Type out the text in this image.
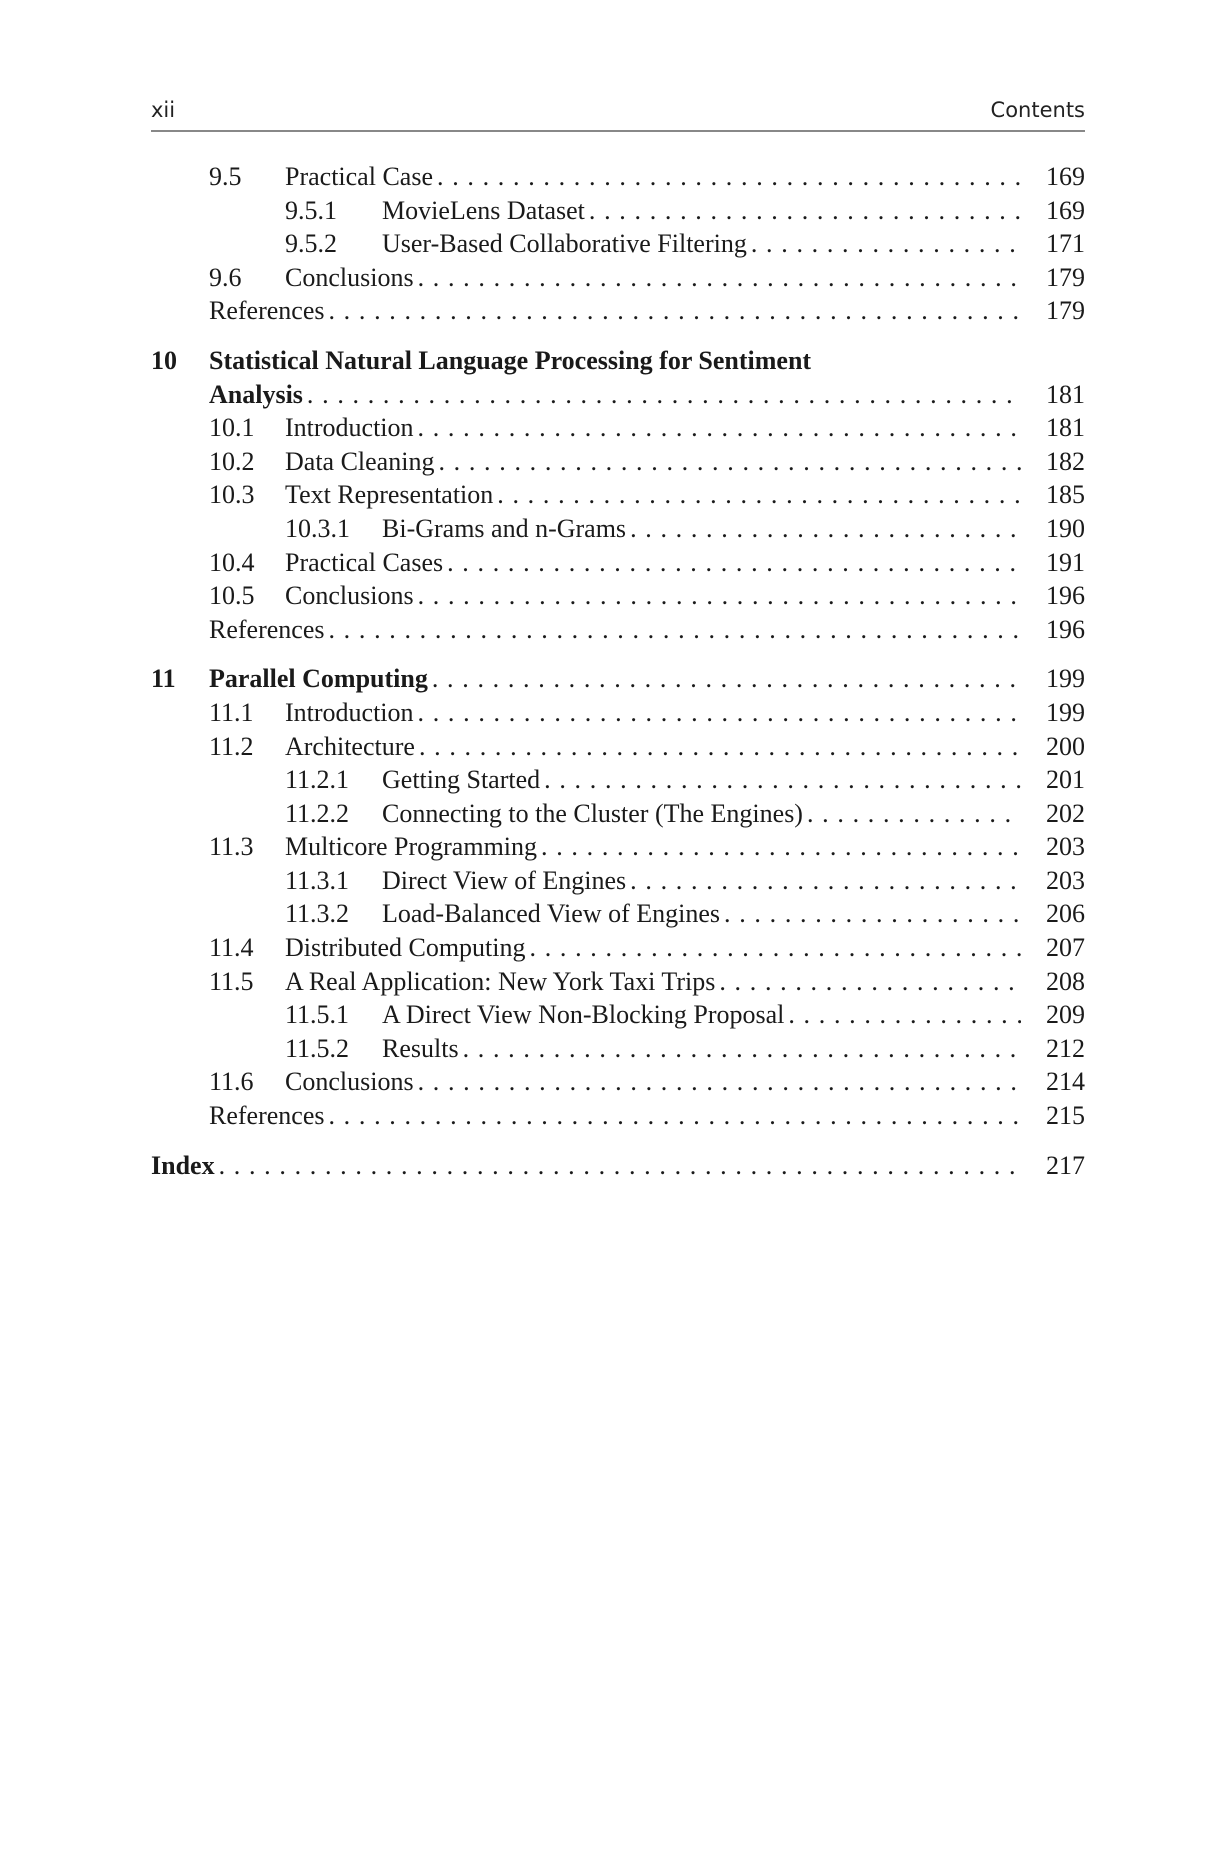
xii	Contents
9.5 Practical Case . . .	169
9.5.1 MovieLens Dataset . . .	169
9.5.2 User-Based Collaborative Filtering . . .	171
9.6 Conclusions . . .	179
References . . .	179
10 Statistical Natural Language Processing for Sentiment
Analysis . . .	181
10.1 Introduction . . .	181
10.2 Data Cleaning . . .	182
10.3 Text Representation . . .	185
10.3.1 Bi-Grams and n-Grams . . .	190
10.4 Practical Cases . . .	191
10.5 Conclusions . . .	196
References . . .	196
11 Parallel Computing . . .	199
11.1 Introduction . . .	199
11.2 Architecture . . .	200
11.2.1 Getting Started . . .	201
11.2.2 Connecting to the Cluster (The Engines) . . .	202
11.3 Multicore Programming . . .	203
11.3.1 Direct View of Engines . . .	203
11.3.2 Load-Balanced View of Engines . . .	206
11.4 Distributed Computing . . .	207
11.5 A Real Application: New York Taxi Trips . . .	208
11.5.1 A Direct View Non-Blocking Proposal . . .	209
11.5.2 Results . . .	212
11.6 Conclusions . . .	214
References . . .	215
Index . . .	217
